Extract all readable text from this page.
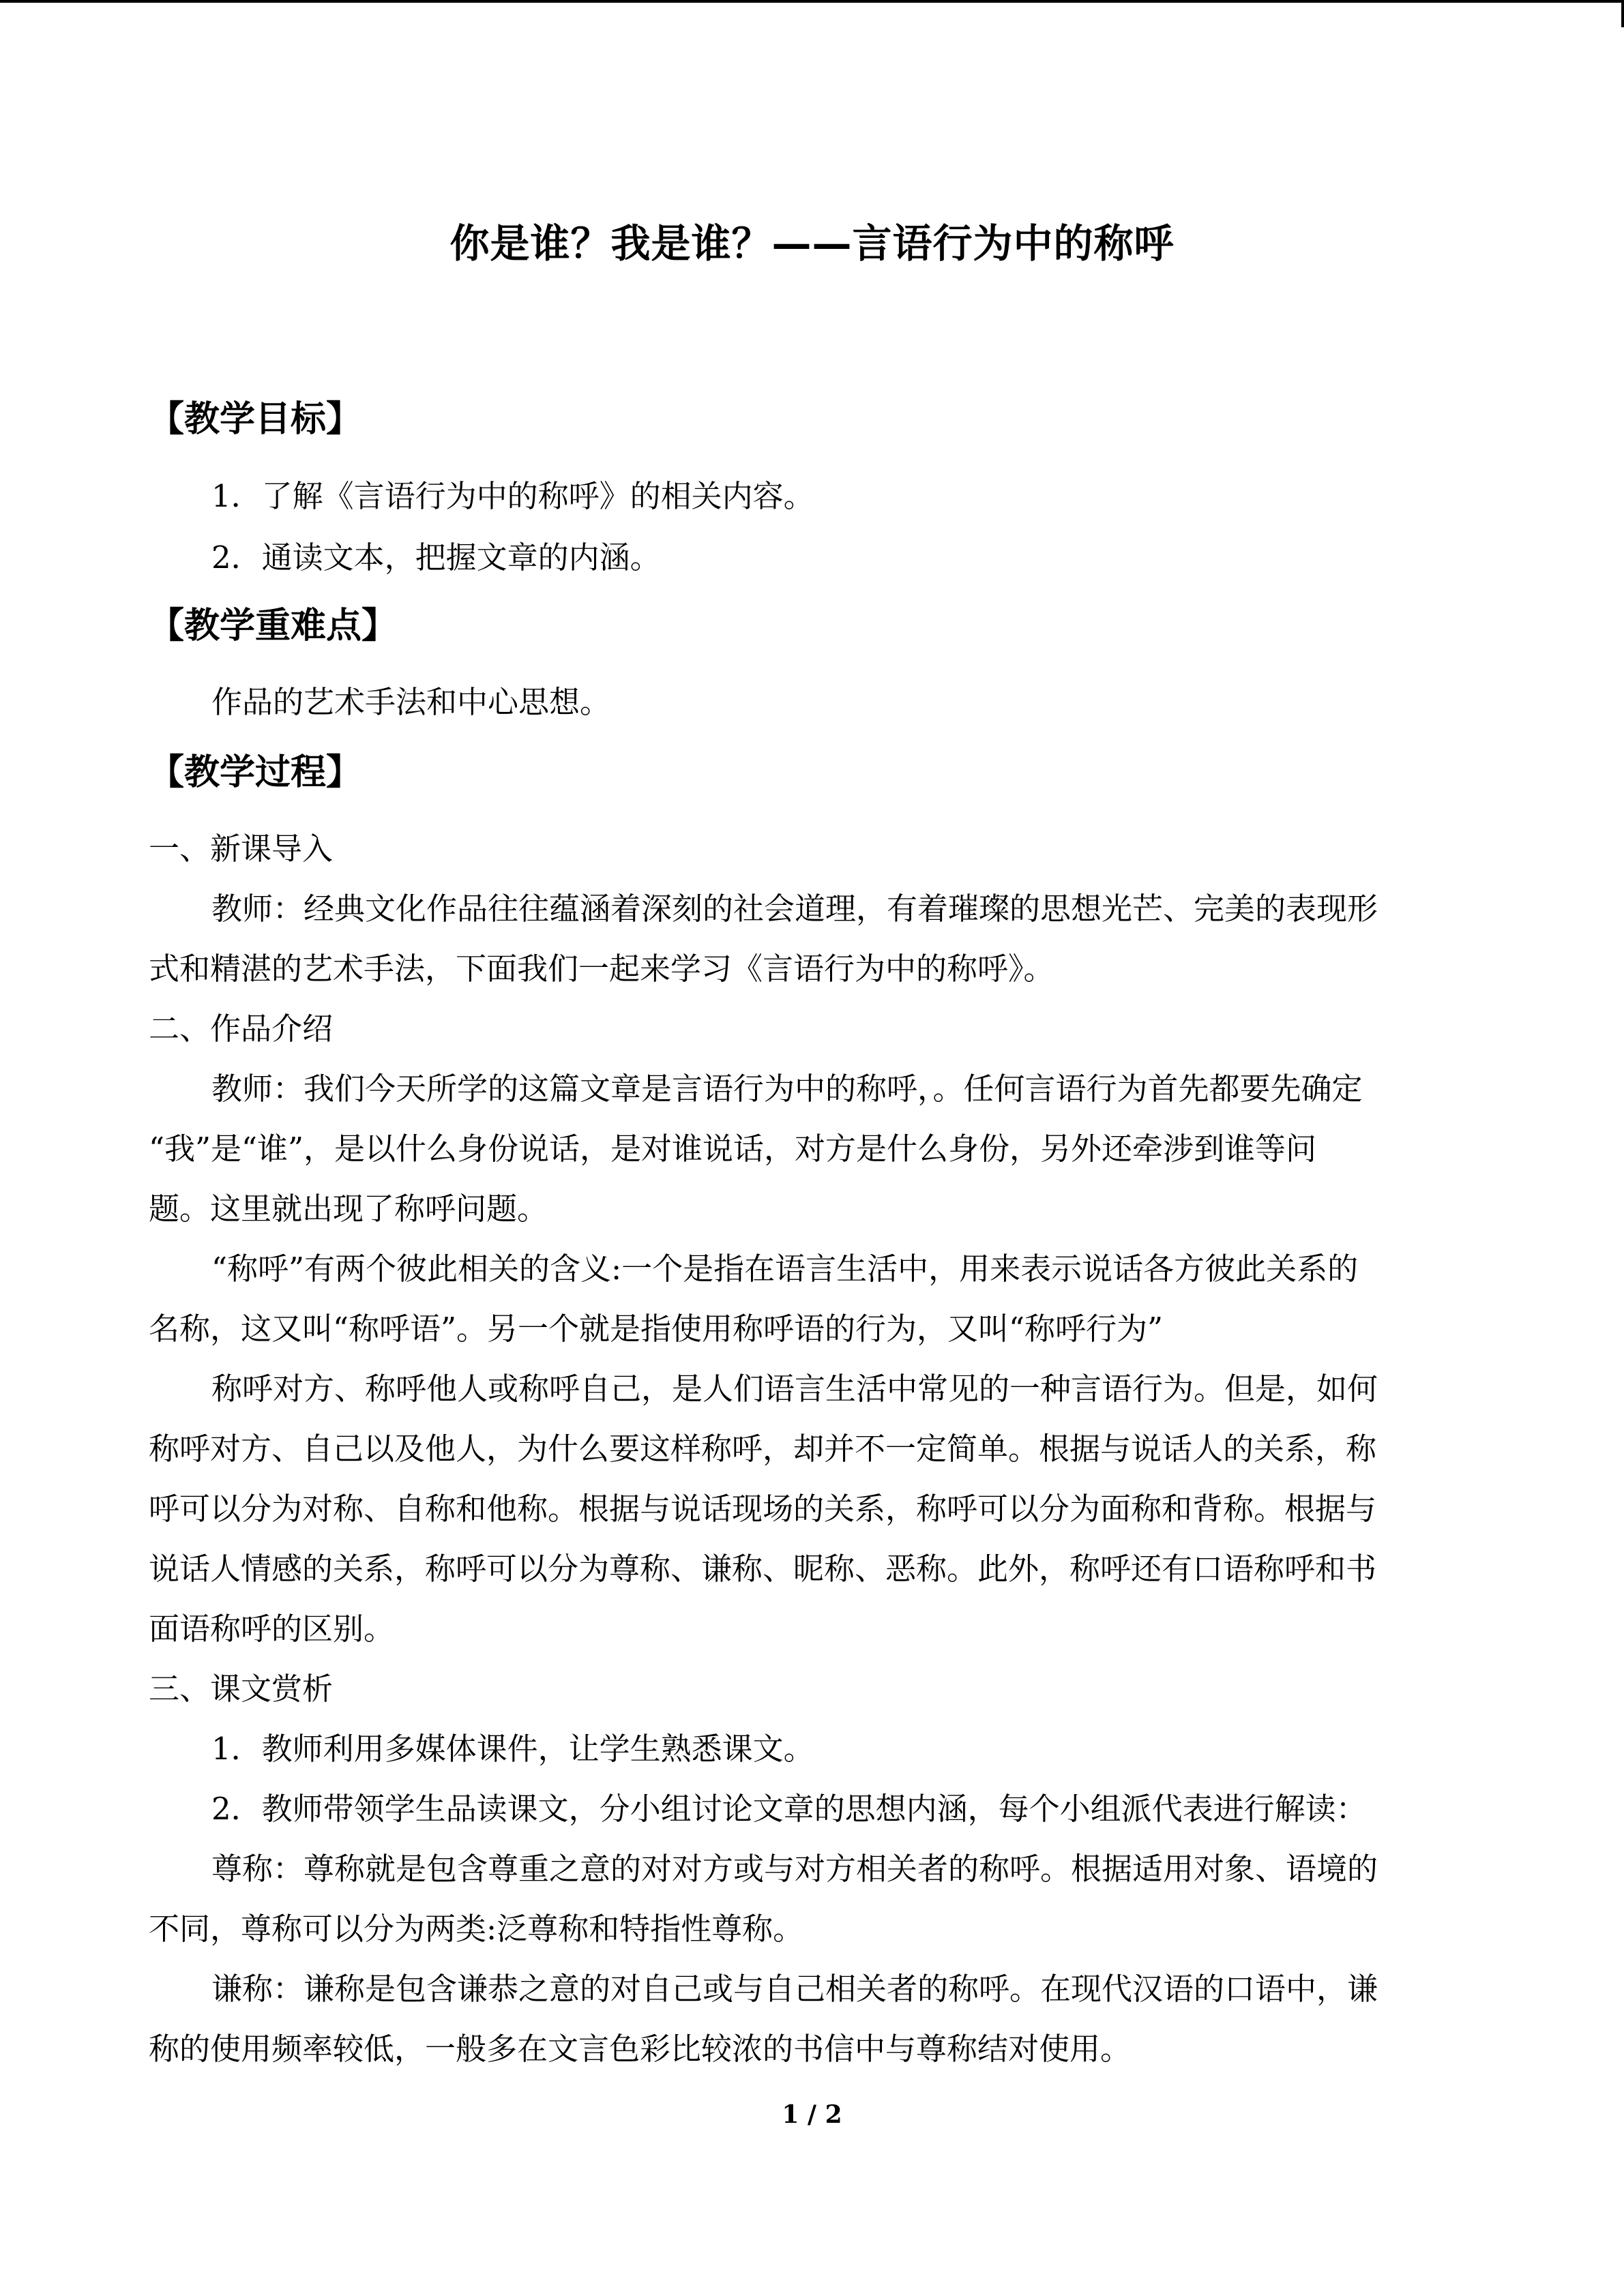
你是谁？我是谁？——言语行为中的称呼
【教学目标】
1．了解《言语行为中的称呼》的相关内容。
2．通读文本，把握文章的内涵。
【教学重难点】
作品的艺术手法和中心思想。
【教学过程】
一、新课导入
教师：经典文化作品往往蕴涵着深刻的社会道理，有着璀璨的思想光芒、完美的表现形
式和精湛的艺术手法，下面我们一起来学习《言语行为中的称呼》。
二、作品介绍
教师：我们今天所学的这篇文章是言语行为中的称呼，。任何言语行为首先都要先确定
“我”是“谁”，是以什么身份说话，是对谁说话，对方是什么身份，另外还牵涉到谁等问
题。这里就出现了称呼问题。
“称呼”有两个彼此相关的含义:一个是指在语言生活中，用来表示说话各方彼此关系的
名称，这又叫“称呼语”。另一个就是指使用称呼语的行为，又叫“称呼行为”
称呼对方、称呼他人或称呼自己，是人们语言生活中常见的一种言语行为。但是，如何
称呼对方、自己以及他人，为什么要这样称呼，却并不一定简单。根据与说话人的关系，称
呼可以分为对称、自称和他称。根据与说话现场的关系，称呼可以分为面称和背称。根据与
说话人情感的关系，称呼可以分为尊称、谦称、昵称、恶称。此外，称呼还有口语称呼和书
面语称呼的区别。
三、课文赏析
1．教师利用多媒体课件，让学生熟悉课文。
2．教师带领学生品读课文，分小组讨论文章的思想内涵，每个小组派代表进行解读：
尊称：尊称就是包含尊重之意的对对方或与对方相关者的称呼。根据适用对象、语境的
不同，尊称可以分为两类:泛尊称和特指性尊称。
谦称：谦称是包含谦恭之意的对自己或与自己相关者的称呼。在现代汉语的口语中，谦
称的使用频率较低，一般多在文言色彩比较浓的书信中与尊称结对使用。
1 / 2
